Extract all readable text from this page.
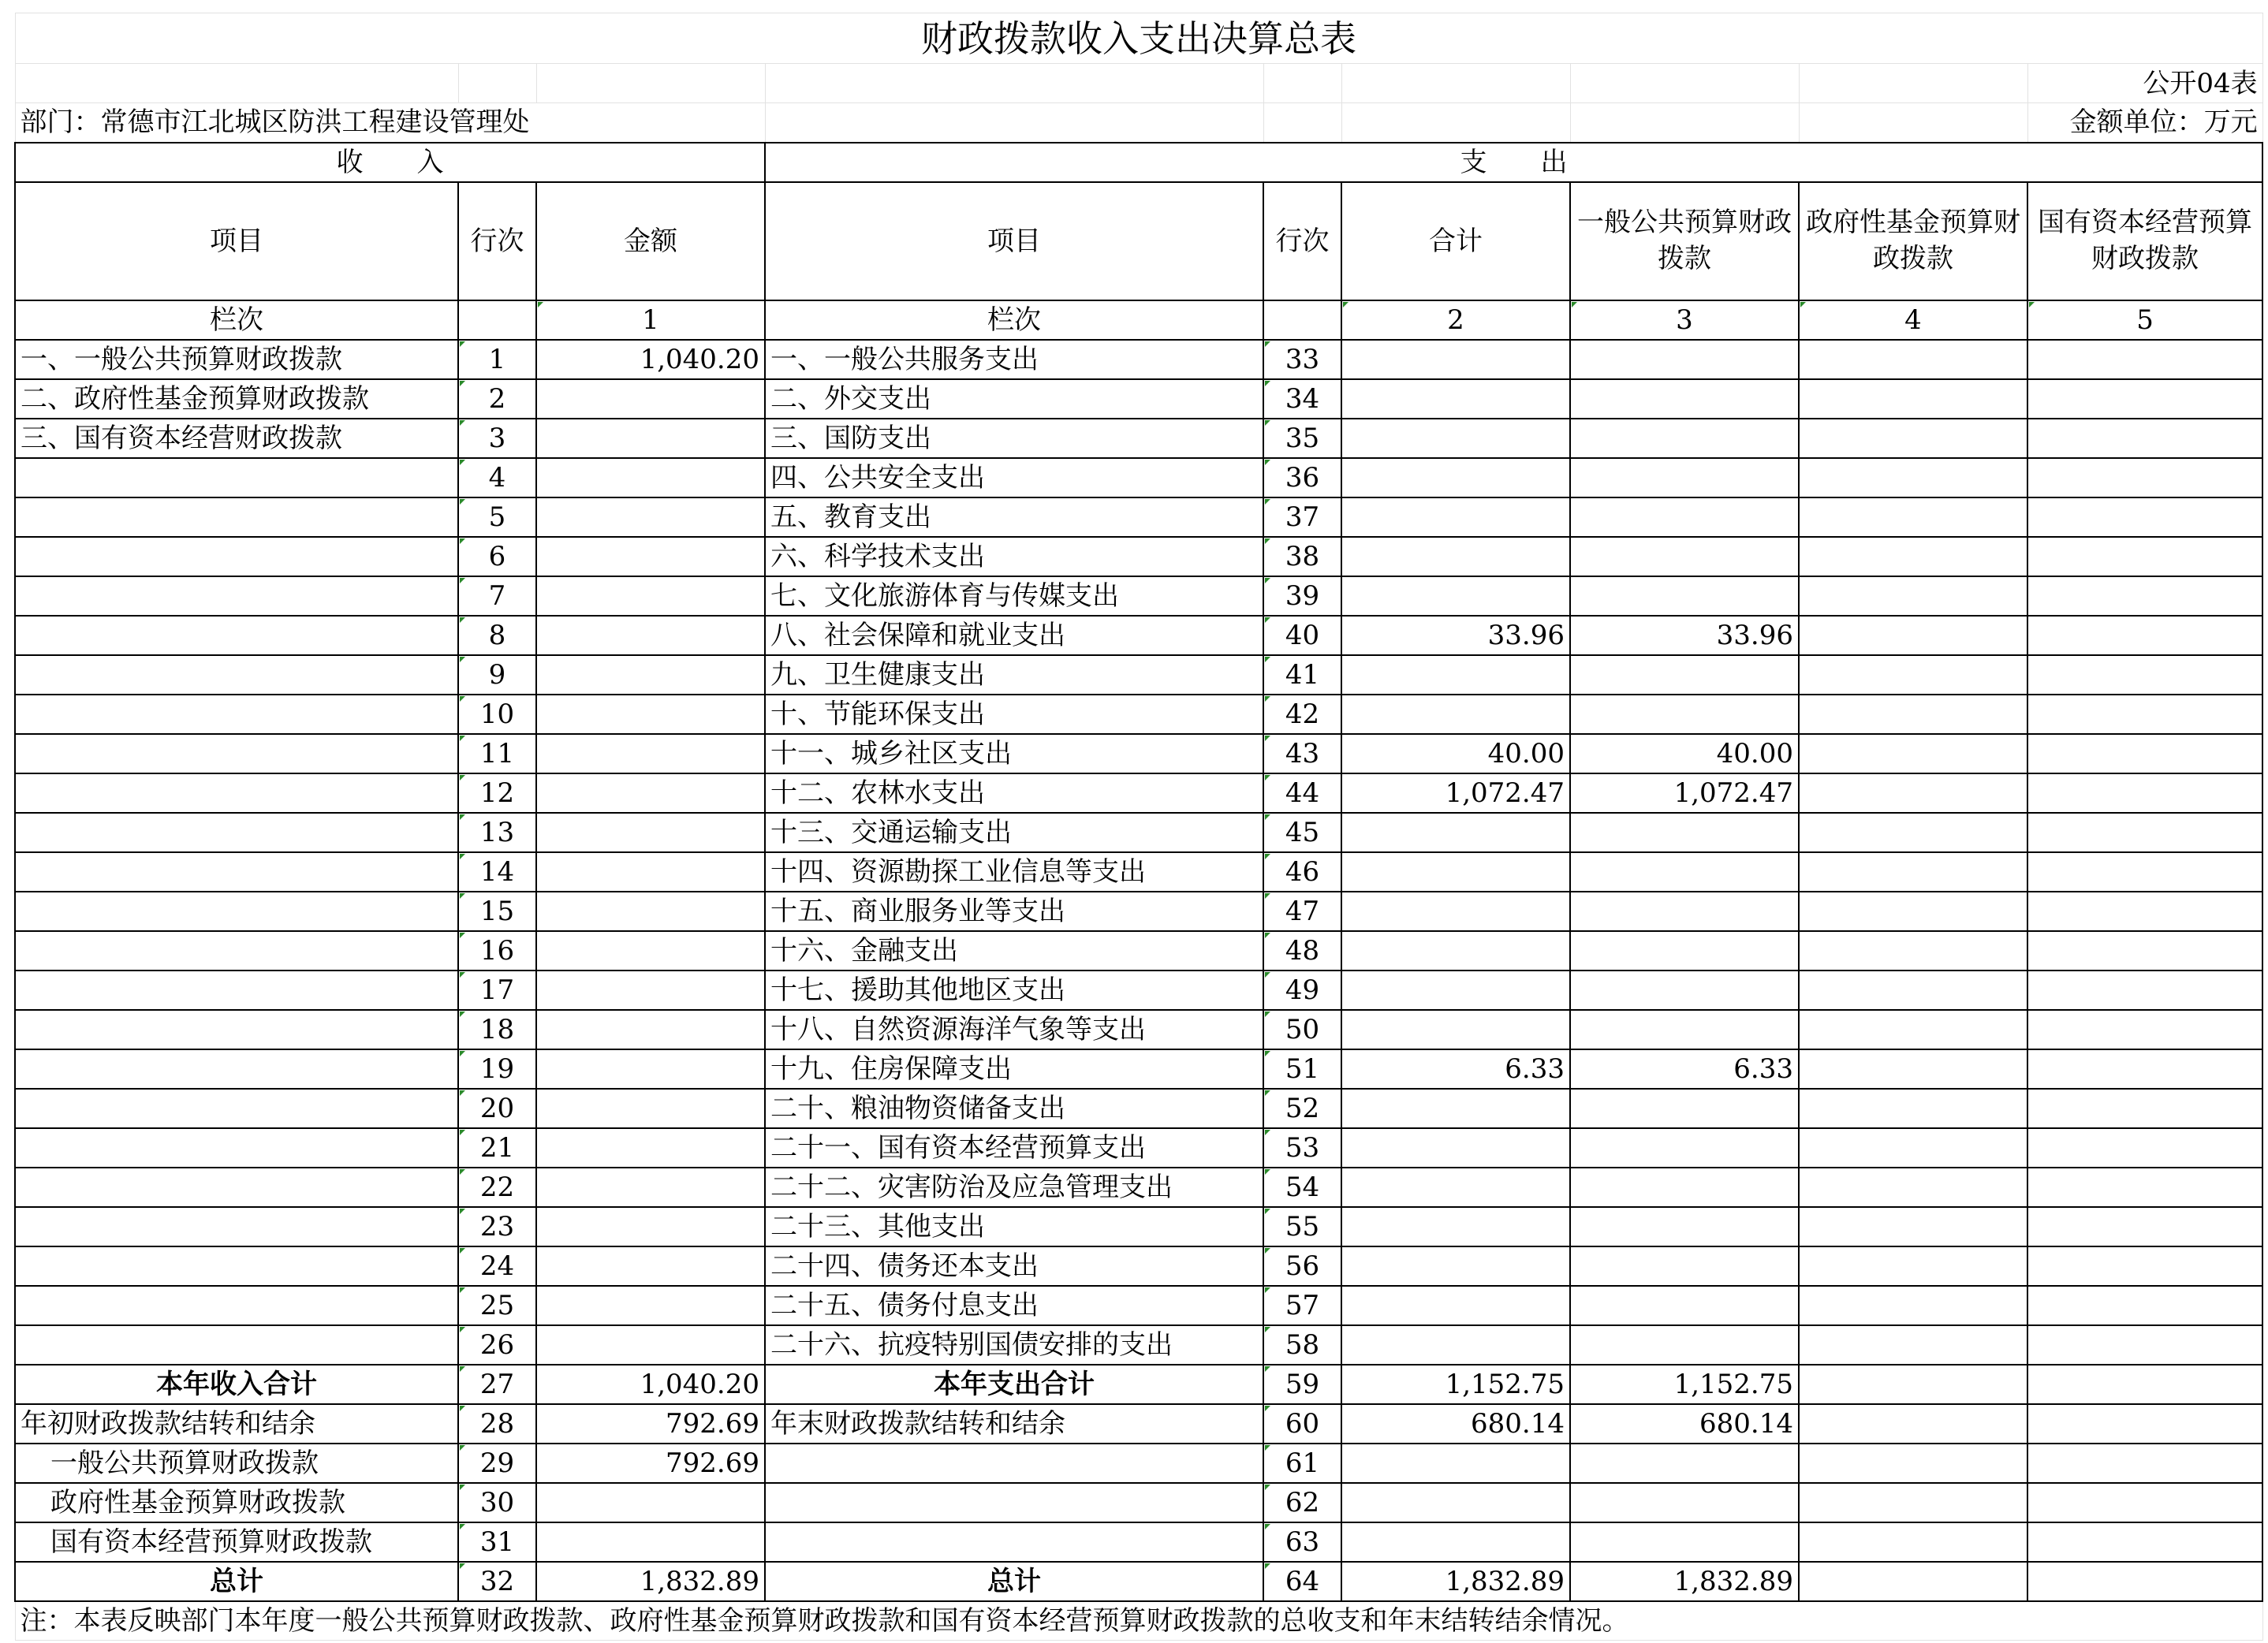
财政拨款收入支出决算总表								
								公开04表
部门：常德市江北城区防洪工程建设管理处								金额单位：万元
收　　入			支　　出					
项目	行次	金额	项目	行次	合计	一般公共预算财政拨款	政府性基金预算财政拨款	国有资本经营预算财政拨款
栏次		1	栏次		2	3	4	5
一、一般公共预算财政拨款	1	1,040.20	一、一般公共服务支出	33				
二、政府性基金预算财政拨款	2		二、外交支出	34				
三、国有资本经营财政拨款	3		三、国防支出	35				
	4		四、公共安全支出	36				
	5		五、教育支出	37				
	6		六、科学技术支出	38				
	7		七、文化旅游体育与传媒支出	39				
	8		八、社会保障和就业支出	40	33.96	33.96		
	9		九、卫生健康支出	41				
	10		十、节能环保支出	42				
	11		十一、城乡社区支出	43	40.00	40.00		
	12		十二、农林水支出	44	1,072.47	1,072.47		
	13		十三、交通运输支出	45				
	14		十四、资源勘探工业信息等支出	46				
	15		十五、商业服务业等支出	47				
	16		十六、金融支出	48				
	17		十七、援助其他地区支出	49				
	18		十八、自然资源海洋气象等支出	50				
	19		十九、住房保障支出	51	6.33	6.33		
	20		二十、粮油物资储备支出	52				
	21		二十一、国有资本经营预算支出	53				
	22		二十二、灾害防治及应急管理支出	54				
	23		二十三、其他支出	55				
	24		二十四、债务还本支出	56				
	25		二十五、债务付息支出	57				
	26		二十六、抗疫特别国债安排的支出	58				
本年收入合计	27	1,040.20	本年支出合计	59	1,152.75	1,152.75		
年初财政拨款结转和结余	28	792.69	年末财政拨款结转和结余	60	680.14	680.14		
一般公共预算财政拨款	29	792.69		61				
政府性基金预算财政拨款	30			62				
国有资本经营预算财政拨款	31			63				
总计	32	1,832.89	总计	64	1,832.89	1,832.89		
注：本表反映部门本年度一般公共预算财政拨款、政府性基金预算财政拨款和国有资本经营预算财政拨款的总收支和年末结转结余情况。								
